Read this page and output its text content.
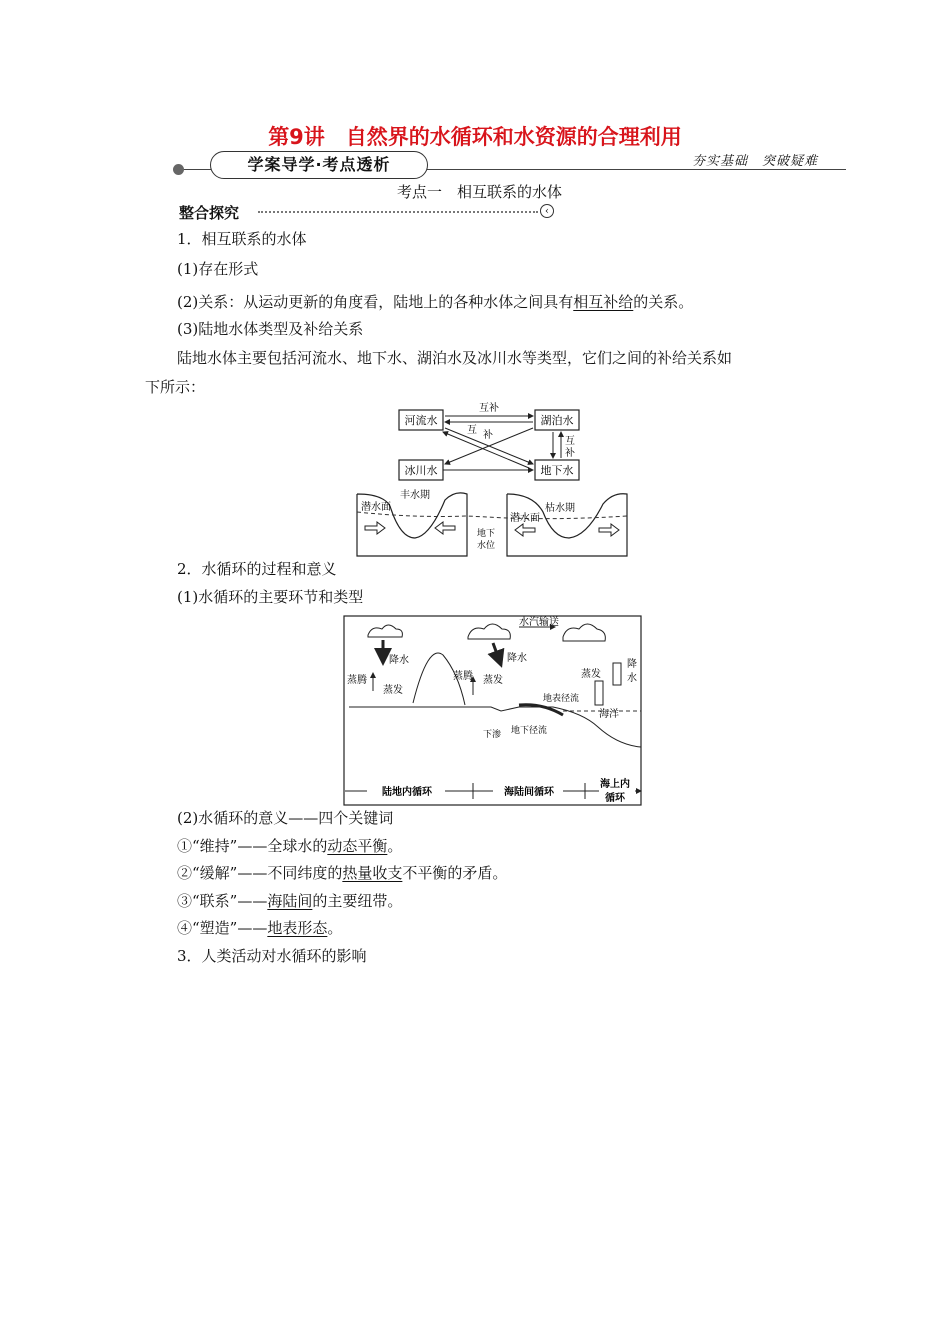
第9讲　自然界的水循环和水资源的合理利用
学案导学·考点透析	夯实基础　突破疑难
考点一　相互联系的水体
整合探究	‹
1．相互联系的水体
(1)存在形式
(2)关系：从运动更新的角度看，陆地上的各种水体之间具有相互补给的关系。
(3)陆地水体类型及补给关系
陆地水体主要包括河流水、地下水、湖泊水及冰川水等类型，它们之间的补给关系如
下所示：
河流水	湖泊水
冰川水	地下水
互补
互 补
互
补
丰水期
枯水期
潜水面
潜水面
地下
水位
2．水循环的过程和意义
(1)水循环的主要环节和类型
水汽输送
降水	降水
降
水
蒸腾
蒸发
蒸腾 蒸发
蒸发
地表径流
海洋
下渗 地下径流
陆地内循环	海陆间循环
海上内
循环
(2)水循环的意义——四个关键词
①“维持”——全球水的动态平衡。
②“缓解”——不同纬度的热量收支不平衡的矛盾。
③“联系”——海陆间的主要纽带。
④“塑造”——地表形态。
3．人类活动对水循环的影响
